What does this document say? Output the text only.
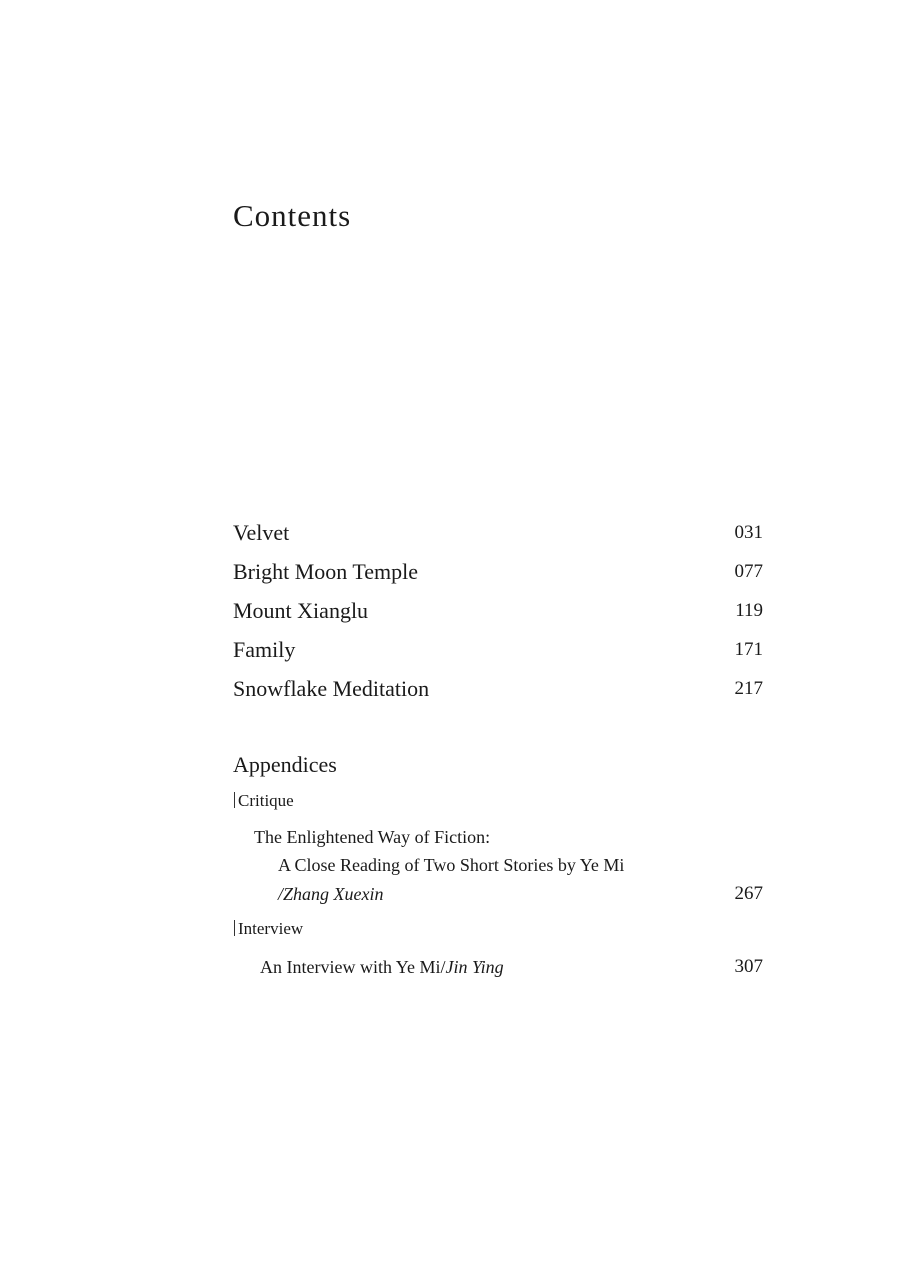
Contents
Velvet	031
Bright Moon Temple	077
Mount Xianglu	119
Family	171
Snowflake Meditation	217
Appendices
Critique
The Enlightened Way of Fiction:
A Close Reading of Two Short Stories by Ye Mi
/Zhang Xuexin	267
Interview
An Interview with Ye Mi/Jin Ying	307
